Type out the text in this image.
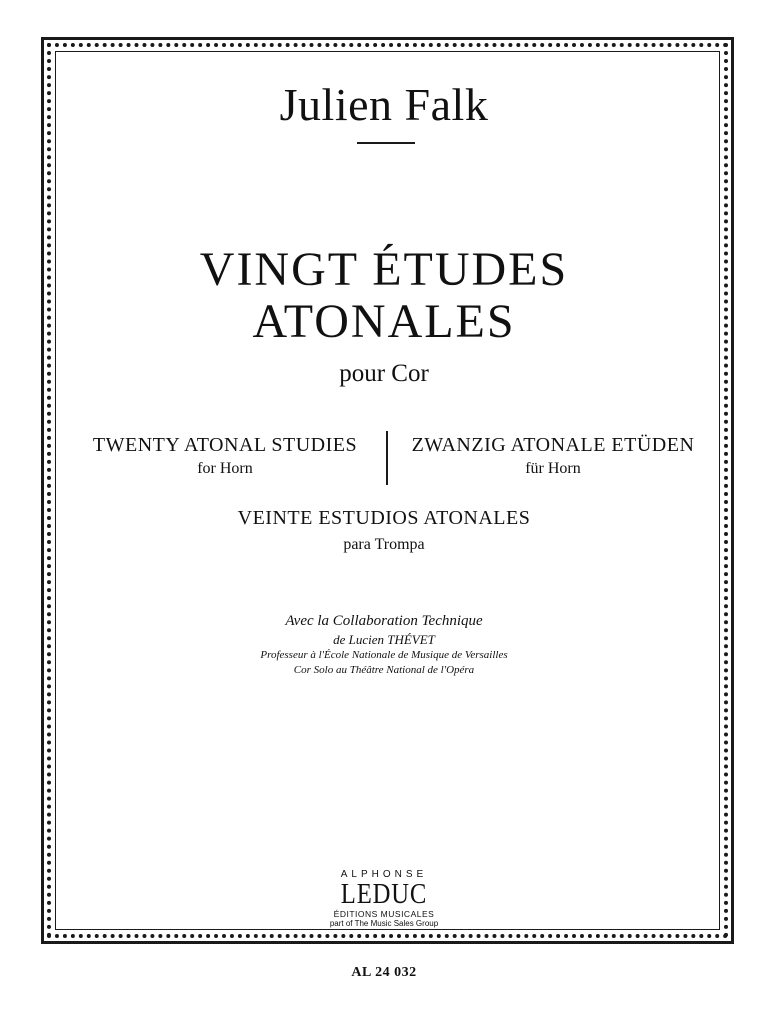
Julien Falk
VINGT ÉTUDES
ATONALES
pour Cor
TWENTY ATONAL STUDIES
for Horn
ZWANZIG ATONALE ETÜDEN
für Horn
VEINTE ESTUDIOS ATONALES
para Trompa
Avec la Collaboration Technique
de Lucien THÉVET
Professeur à l'École Nationale de Musique de Versailles
Cor Solo au Théâtre National de l'Opéra
ALPHONSE
LEDUC
ÉDITIONS MUSICALES
part of The Music Sales Group
AL 24 032
